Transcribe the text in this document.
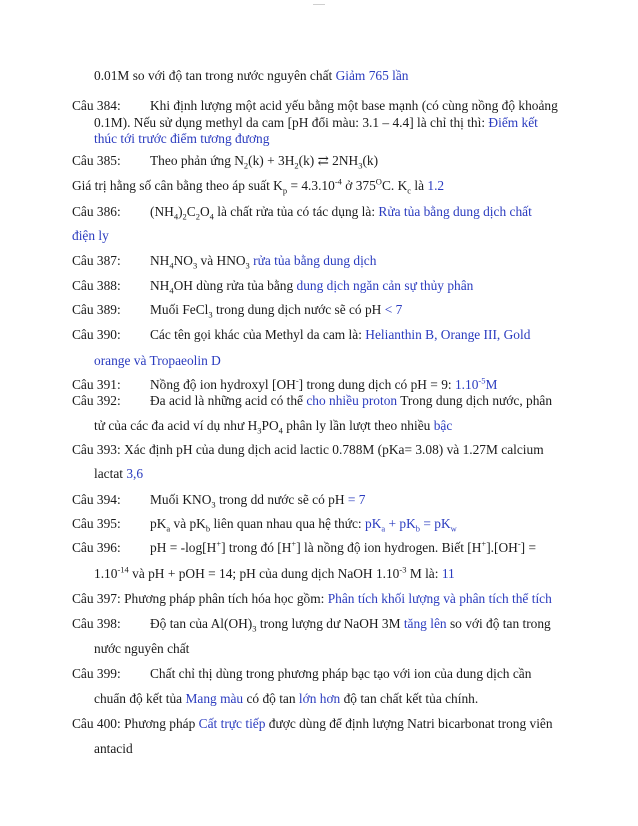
0.01M so với độ tan trong nước nguyên chất Giảm 765 lần
Câu 384: Khi định lượng một acid yếu bằng một base mạnh (có cùng nồng độ khoảng
0.1M). Nếu sử dụng methyl da cam [pH đổi màu: 3.1 – 4.4] là chỉ thị thì: Điểm kết
thúc tới trước điểm tương đương
Câu 385: Theo phản ứng $N_2(k) + 3H_2(k)$ ⇄ $2NH_3(k)$
Giá trị hằng số cân bằng theo áp suất $K_p = 4.3.10^{-4}$ ở $375^OC$. $K_c$ là 1.2
Câu 386: $(NH_4)_2C_2O_4$ là chất rửa tủa có tác dụng là: Rửa tủa bằng dung dịch chất
điện ly
Câu 387: $NH_4NO_3$ và $HNO_3$ rửa tủa bằng dung dịch
Câu 388: $NH_4OH$ dùng rửa tủa bằng dung dịch ngăn cản sự thủy phân
Câu 389: Muối FeCl$_3$ trong dung dịch nước sẽ có pH < 7
Câu 390: Các tên gọi khác của Methyl da cam là: Helianthin B, Orange III, Gold
orange và Tropaeolin D
Câu 391: Nồng độ ion hydroxyl [OH-] trong dung dịch có pH = 9: $1.10^{-5}M$
Câu 392: Đa acid là những acid có thể cho nhiều proton Trong dung dịch nước, phân
tử của các đa acid ví dụ như $H_3PO_4$ phân ly lần lượt theo nhiều bậc
Câu 393: Xác định pH của dung dịch acid lactic 0.788M (pKa= 3.08) và 1.27M calcium
lactat 3,6
Câu 394: Muối $KNO_3$ trong dd nước sẽ có pH = 7
Câu 395: $pK_a$ và $pK_b$ liên quan nhau qua hệ thức: $pK_a + pK_b = pK_w$
Câu 396: pH = -log[H+] trong đó [H+] là nồng độ ion hydrogen. Biết [H+].[OH-] =
$1.10^{-14}$ và pH + pOH = 14; pH của dung dịch NaOH $1.10^{-3}$ M là: 11
Câu 397: Phương pháp phân tích hóa học gồm: Phân tích khối lượng và phân tích thể tích
Câu 398: Độ tan của $Al(OH)_3$ trong lượng dư NaOH 3M tăng lên so với độ tan trong
nước nguyên chất
Câu 399: Chất chỉ thị dùng trong phương pháp bạc tạo với ion của dung dịch cần
chuẩn độ kết tủa Mang màu có độ tan lớn hơn độ tan chất kết tủa chính.
Câu 400: Phương pháp Cất trực tiếp được dùng để định lượng Natri bicarbonat trong viên
antacid
